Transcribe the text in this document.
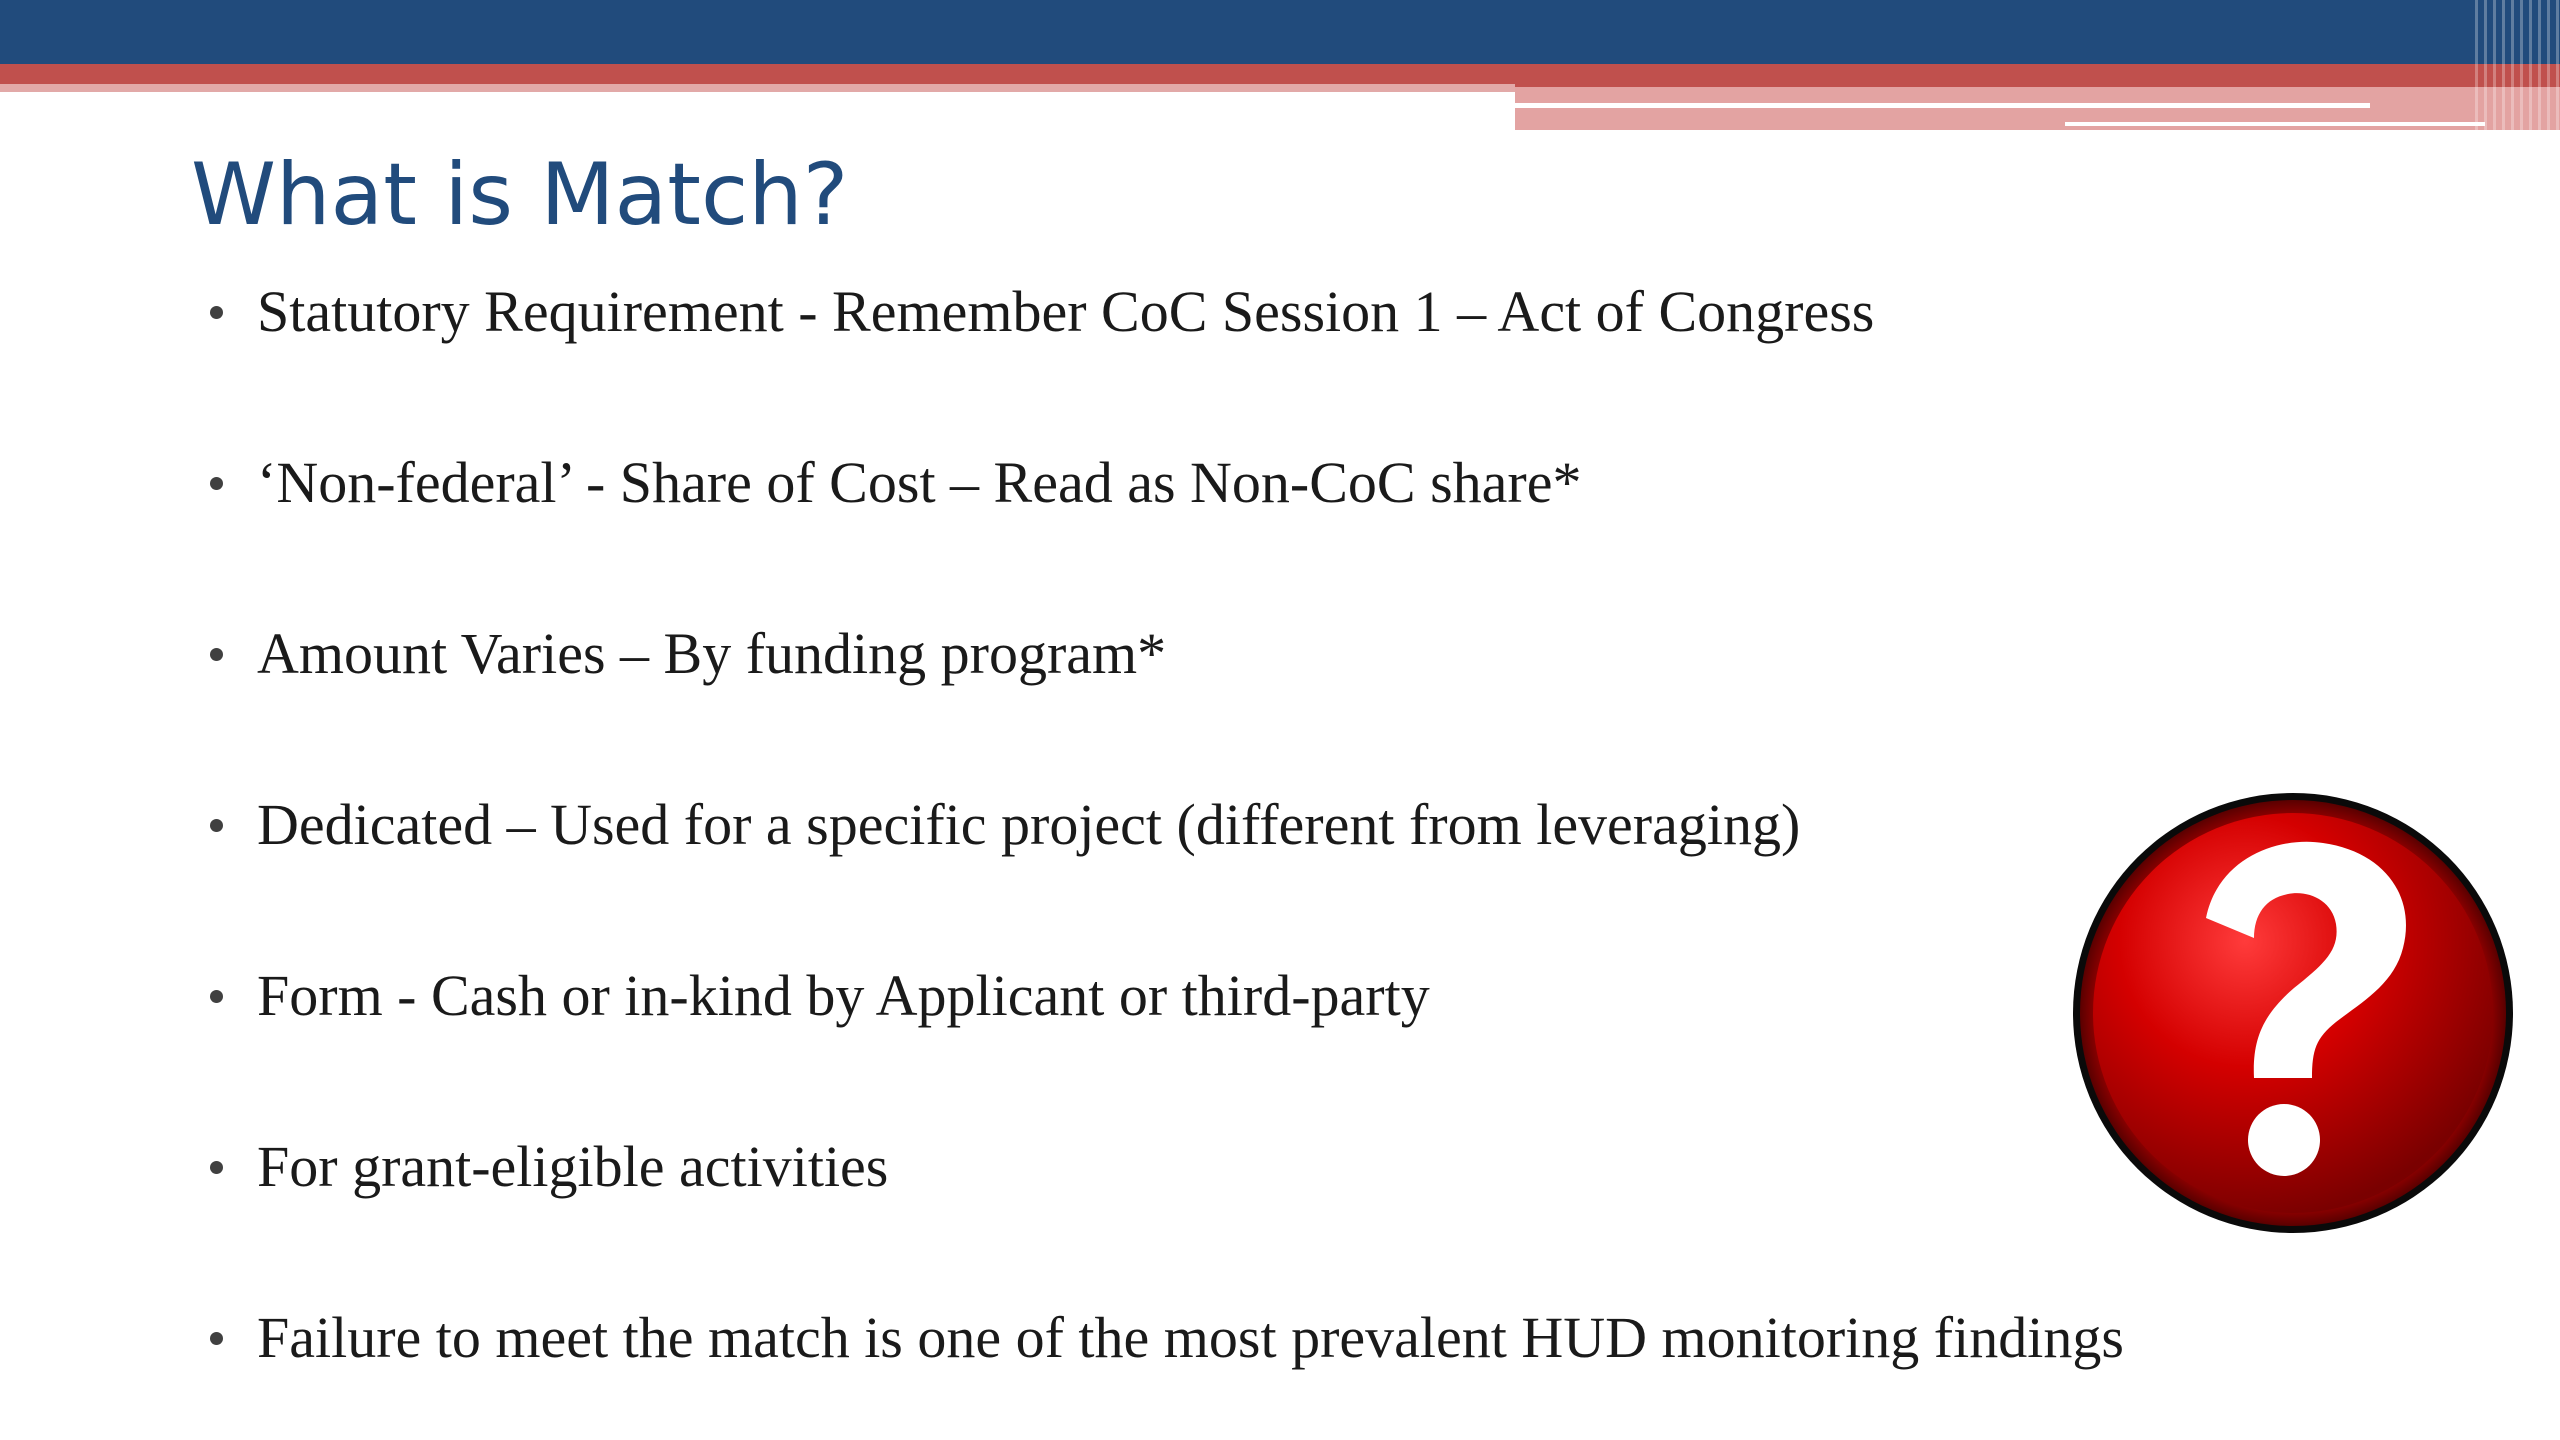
What is Match?
Statutory Requirement - Remember CoC Session 1 – Act of Congress
‘Non-federal’ - Share of Cost – Read as Non-CoC share*
Amount Varies – By funding program*
Dedicated – Used for a specific project (different from leveraging)
Form - Cash or in-kind by Applicant or third-party
For grant-eligible activities
Failure to meet the match is one of the most prevalent HUD monitoring findings
